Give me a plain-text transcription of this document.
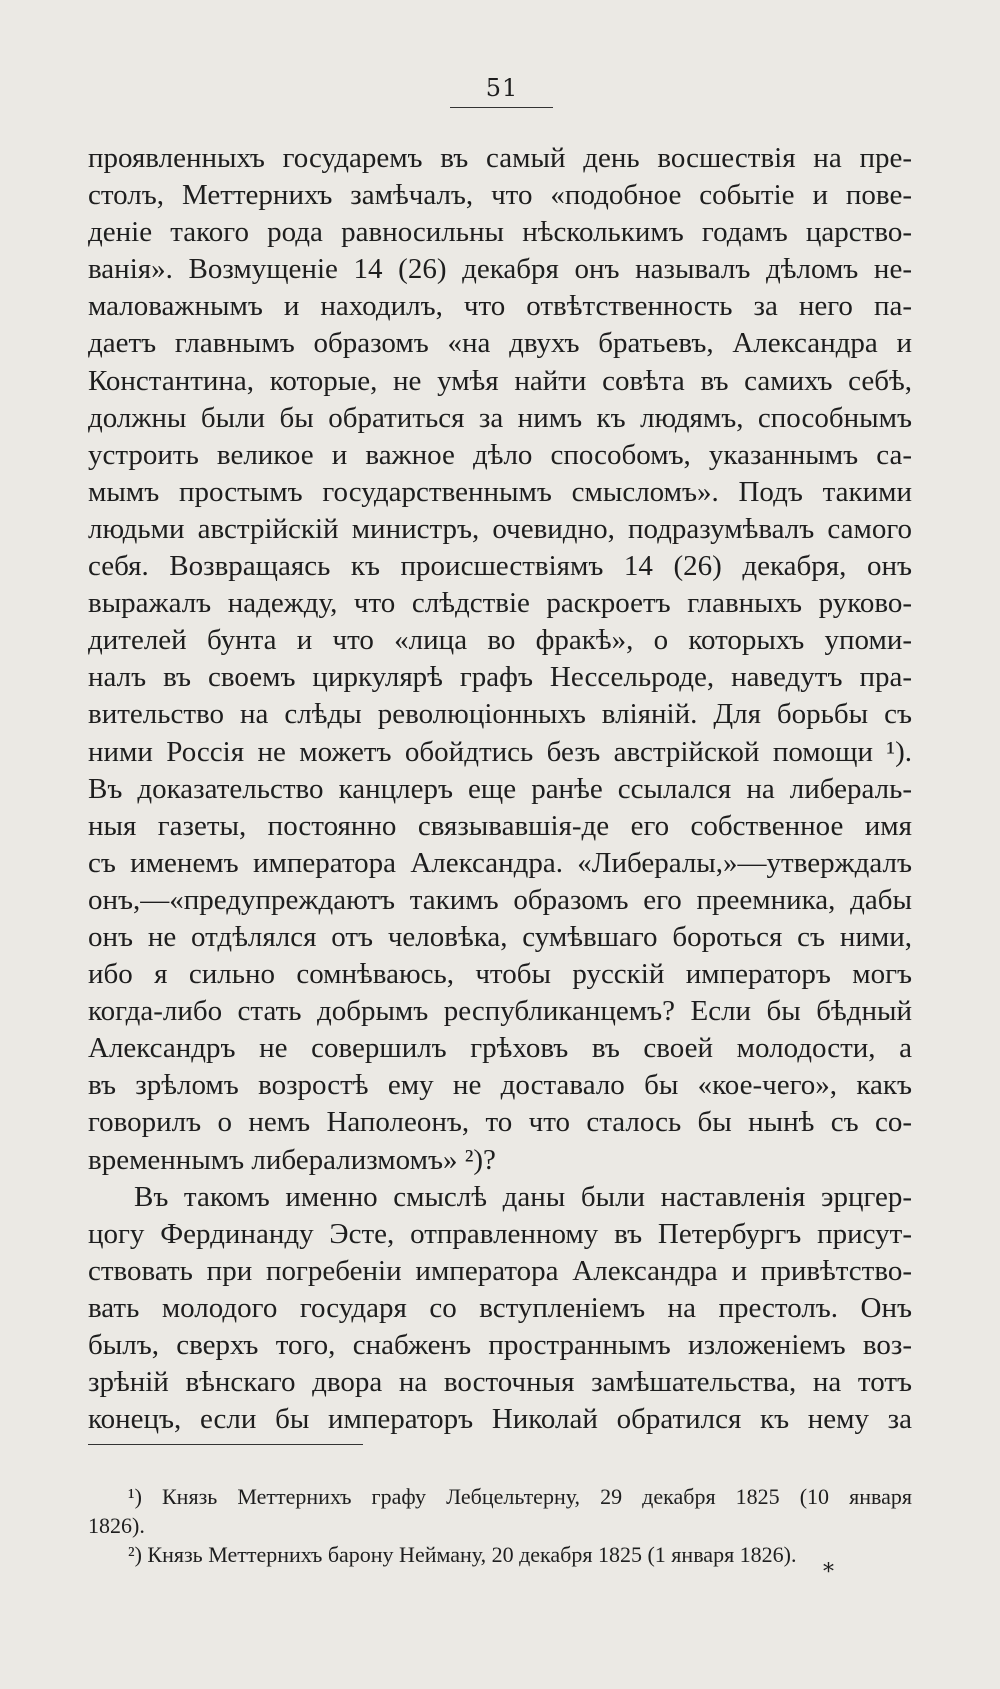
51
проявленныхъ государемъ въ самый день восшествія на пре-
столъ, Меттернихъ замѣчалъ, что «подобное событіе и пове-
деніе такого рода равносильны нѣсколькимъ годамъ царство-
ванія». Возмущеніе 14 (26) декабря онъ называлъ дѣломъ не-
маловажнымъ и находилъ, что отвѣтственность за него па-
даетъ главнымъ образомъ «на двухъ братьевъ, Александра и
Константина, которые, не умѣя найти совѣта въ самихъ себѣ,
должны были бы обратиться за нимъ къ людямъ, способнымъ
устроить великое и важное дѣло способомъ, указаннымъ са-
мымъ простымъ государственнымъ смысломъ». Подъ такими
людьми австрійскій министръ, очевидно, подразумѣвалъ самого
себя. Возвращаясь къ происшествіямъ 14 (26) декабря, онъ
выражалъ надежду, что слѣдствіе раскроетъ главныхъ руково-
дителей бунта и что «лица во фракѣ», о которыхъ упоми-
налъ въ своемъ циркулярѣ графъ Нессельроде, наведутъ пра-
вительство на слѣды революціонныхъ вліяній. Для борьбы съ
ними Россія не можетъ обойдтись безъ австрійской помощи ¹).
Въ доказательство канцлеръ еще ранѣе ссылался на либераль-
ныя газеты, постоянно связывавшія-де его собственное имя
съ именемъ императора Александра. «Либералы,»—утверждалъ
онъ,—«предупреждаютъ такимъ образомъ его преемника, дабы
онъ не отдѣлялся отъ человѣка, сумѣвшаго бороться съ ними,
ибо я сильно сомнѣваюсь, чтобы русскій императоръ могъ
когда-либо стать добрымъ республиканцемъ? Если бы бѣдный
Александръ не совершилъ грѣховъ въ своей молодости, а
въ зрѣломъ возростѣ ему не доставало бы «кое-чего», какъ
говорилъ о немъ Наполеонъ, то что сталось бы нынѣ съ со-
временнымъ либерализмомъ» ²)?
Въ такомъ именно смыслѣ даны были наставленія эрцгер-
цогу Фердинанду Эсте, отправленному въ Петербургъ присут-
ствовать при погребеніи императора Александра и привѣтство-
вать молодого государя со вступленіемъ на престолъ. Онъ
былъ, сверхъ того, снабженъ пространнымъ изложеніемъ воз-
зрѣній вѣнскаго двора на восточныя замѣшательства, на тотъ
конецъ, если бы императоръ Николай обратился къ нему за
¹) Князь Меттернихъ графу Лебцельтерну, 29 декабря 1825 (10 января
1826).
²) Князь Меттернихъ барону Нейману, 20 декабря 1825 (1 января 1826).
*
